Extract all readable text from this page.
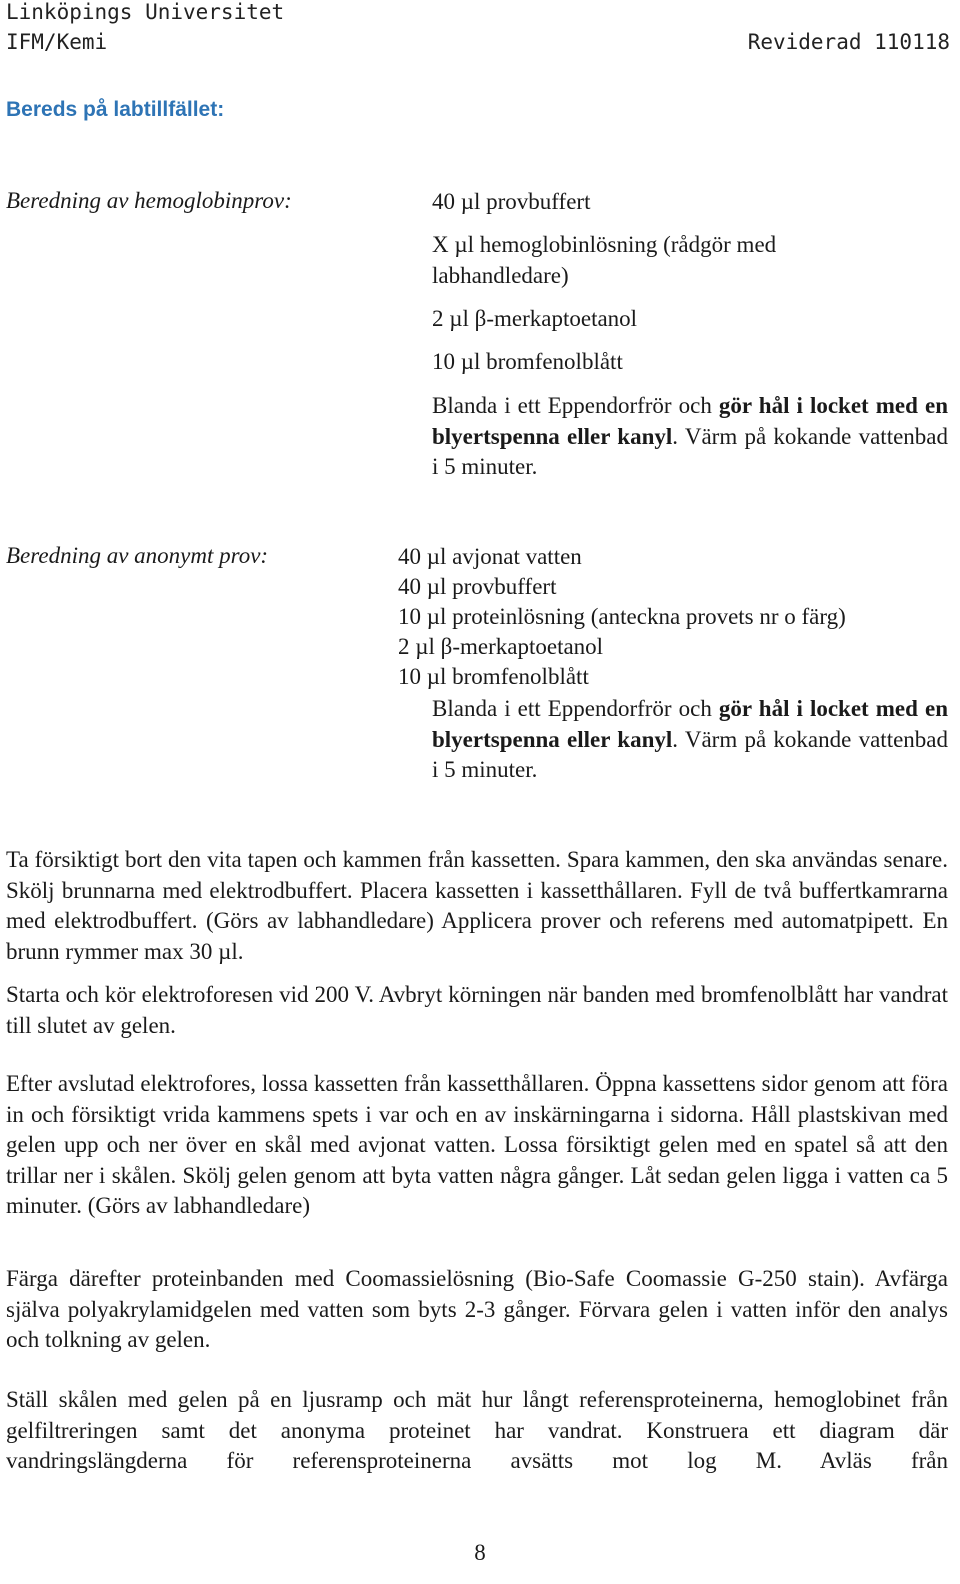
Linköpings Universitet
IFM/Kemi	Reviderad 110118
Bereds på labtillfället:
Beredning av hemoglobinprov:	40 µl provbuffert
X µl hemoglobinlösning (rådgör med
labhandledare)
2 µl β-merkaptoetanol
10 µl bromfenolblått
Blanda i ett Eppendorfrör och gör hål i locket med en blyertspenna eller kanyl. Värm på kokande vattenbad i 5 minuter.
Beredning av anonymt prov:	40 µl avjonat vatten
40 µl provbuffert
10 µl proteinlösning (anteckna provets nr o färg)
2 µl β-merkaptoetanol
10 µl bromfenolblått
Blanda i ett Eppendorfrör och gör hål i locket med en blyertspenna eller kanyl. Värm på kokande vattenbad i 5 minuter.
Ta försiktigt bort den vita tapen och kammen från kassetten. Spara kammen, den ska användas senare. Skölj brunnarna med elektrodbuffert. Placera kassetten i kassetthållaren. Fyll de två buffertkamrarna med elektrodbuffert. (Görs av labhandledare) Applicera prover och referens med automatpipett. En brunn rymmer max 30 µl.
Starta och kör elektroforesen vid 200 V. Avbryt körningen när banden med bromfenolblått har vandrat till slutet av gelen.
Efter avslutad elektrofores, lossa kassetten från kassetthållaren. Öppna kassettens sidor genom att föra in och försiktigt vrida kammens spets i var och en av inskärningarna i sidorna. Håll plastskivan med gelen upp och ner över en skål med avjonat vatten. Lossa försiktigt gelen med en spatel så att den trillar ner i skålen. Skölj gelen genom att byta vatten några gånger. Låt sedan gelen ligga i vatten ca 5 minuter. (Görs av labhandledare)
Färga därefter proteinbanden med Coomassielösning (Bio-Safe Coomassie G-250 stain). Avfärga själva polyakrylamidgelen med vatten som byts 2-3 gånger. Förvara gelen i vatten inför den analys och tolkning av gelen.
Ställ skålen med gelen på en ljusramp och mät hur långt referensproteinerna, hemoglobinet från gelfiltreringen samt det anonyma proteinet har vandrat. Konstruera ett diagram där vandringslängderna för referensproteinerna avsätts mot log M. Avläs från
8
